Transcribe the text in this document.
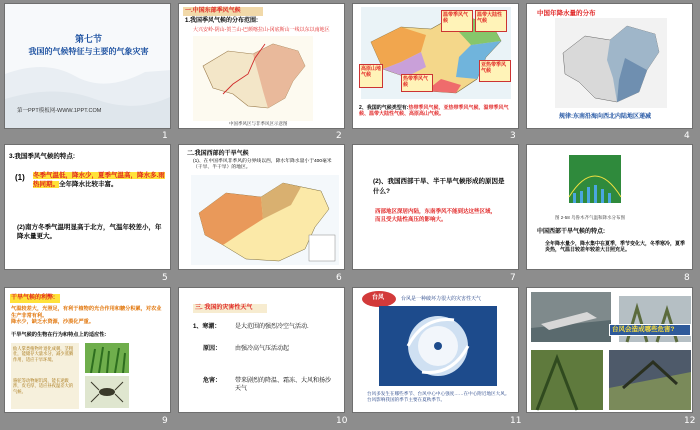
第七节
我国的气候特征与主要的气象灾害
第一PPT模板网-WWW.1PPT.COM
1
一.中国东部季风气候
1.我国季风气候的分布范围:
大兴安岭-阴山-贺兰山-巴颜喀拉山-冈底斯山一线以东以南地区
中国季风区与非季风区示意图
2
温带季风气候
温带大陆性气候
高原山地气候
亚热带季风气候
热带季风气候
2、我国的气候类型有:热带季风气候、亚热带季风气候、温带季风气候、温带大陆性气候、高原高山气候。
3
中国年降水量的分布
规律:东南沿海向西北内陆地区递减
4
3.我国季风气候的特点:
(1) 冬季气温低，降水少，夏季气温高，降水多.雨热同期。全年降水比较丰富。
(2)南方冬季气温明显高于北方，气温年较差小，年降水量更大。
5
二.我国西部的干旱气候
(1)、在中国季风非季风的分界线以西，降水年降水量小于400毫米（干旱、半干旱）的地区。
6
(2)、我国西部干旱、半干旱气候形成的原因是什么?
西部地区深居内陆，东南季风不能到达这些区域，而且受大陆性高压的影响大。
7
图 2-58 乌鲁木齐气温和降水分布图
中国西部干旱气候的特点:
全年降水量少，降水集中在夏季，季节变化大，冬季寒冷，夏季炎热，气温日较差年较差大日照充足。
8
干旱气候的利弊:
气温较差大，光照足，有利于植物的光合作用和糖分积累，对农业生产非常有利。
降水少，缺乏水资源，沙漠化严重。
干旱气候的生物在行为和特点上的适应性:
仙人掌类植物叶退化成刺，茎粗壮，能储存大量水分，减少蒸腾作用，适应干旱环境。
骆驼等动物耐饥渴，能长途跋涉，皮毛厚，适应昼夜温差大的气候。
9
三. 我国的灾害性天气
1、寒潮： 是大范围的强烈冷空气活动.
原因： 由强冷高气压活动起
危害： 带来剧烈的降温、霜冻、大风和扬沙天气
10
台风	台风是一种破坏力很大的灾害性天气
台风多发生在哪些季节、台风中心中心强度……在中心附近地区大风。台风影响我国的季节主要在夏秋季节。
11
台风会造成哪些危害?
12
